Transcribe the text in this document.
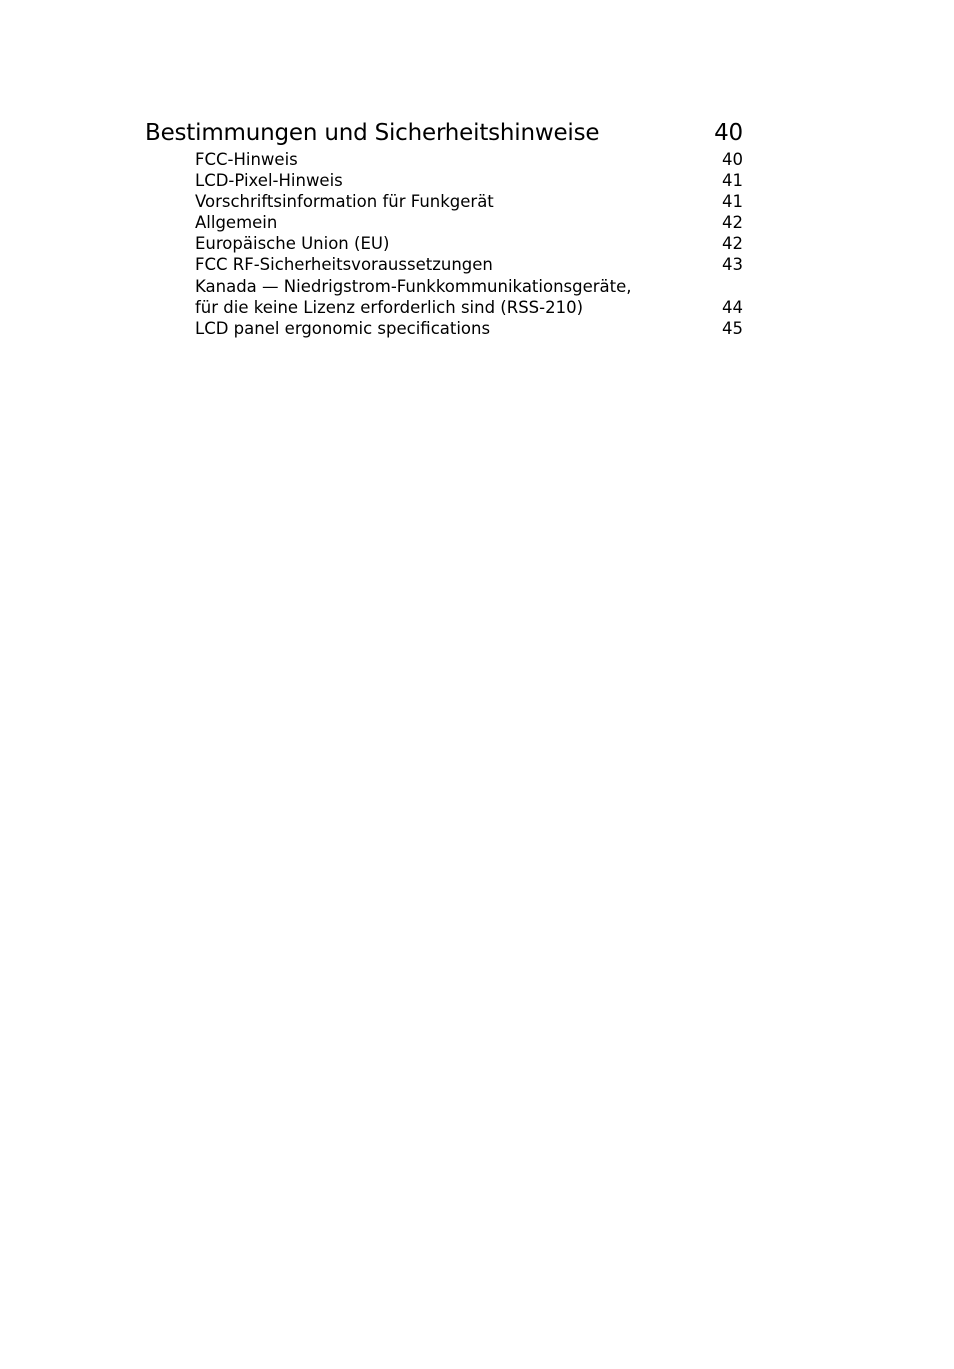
Bestimmungen und Sicherheitshinweise	40
FCC-Hinweis	40
LCD-Pixel-Hinweis	41
Vorschriftsinformation für Funkgerät	41
Allgemein	42
Europäische Union (EU)	42
FCC RF-Sicherheitsvoraussetzungen	43
Kanada — Niedrigstrom-Funkkommunikationsgeräte,
für die keine Lizenz erforderlich sind (RSS-210)	44
LCD panel ergonomic specifications	45
